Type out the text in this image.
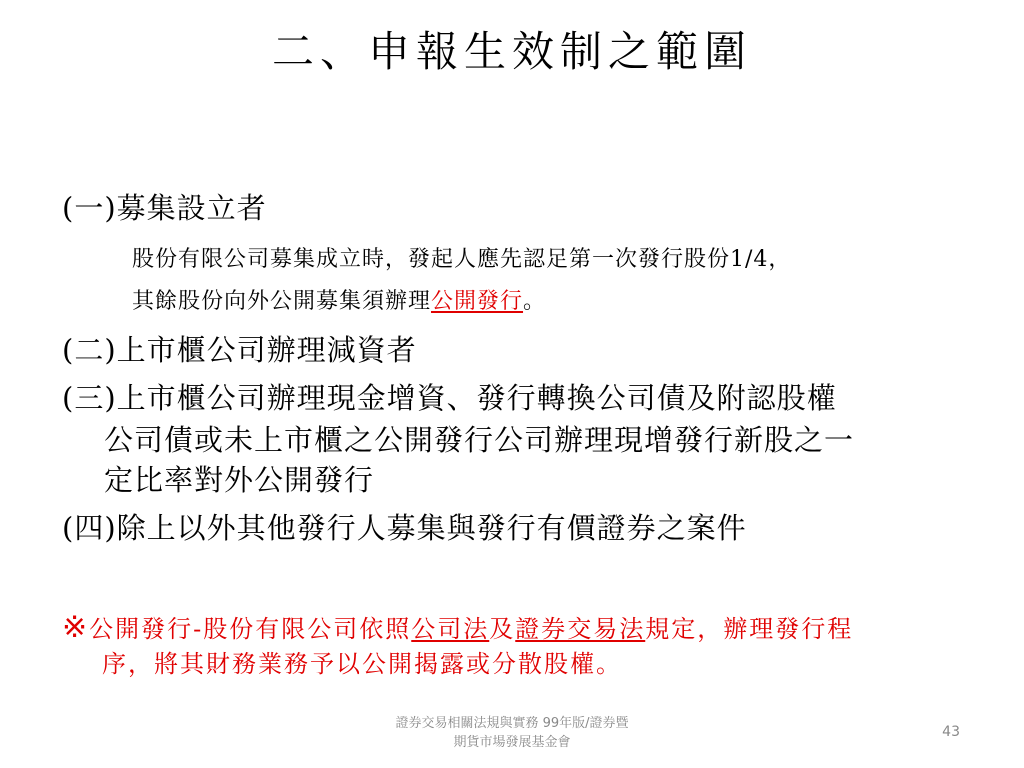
二、申報生效制之範圍
(一)募集設立者
股份有限公司募集成立時，發起人應先認足第一次發行股份1/4，
其餘股份向外公開募集須辦理公開發行。
(二)上市櫃公司辦理減資者
(三)上市櫃公司辦理現金增資、發行轉換公司債及附認股權
公司債或未上市櫃之公開發行公司辦理現增發行新股之一
定比率對外公開發行
(四)除上以外其他發行人募集與發行有價證券之案件
※公開發行-股份有限公司依照公司法及證券交易法規定，辦理發行程
序，將其財務業務予以公開揭露或分散股權。
證券交易相關法規與實務 99年版/證券暨
期貨市場發展基金會
43
